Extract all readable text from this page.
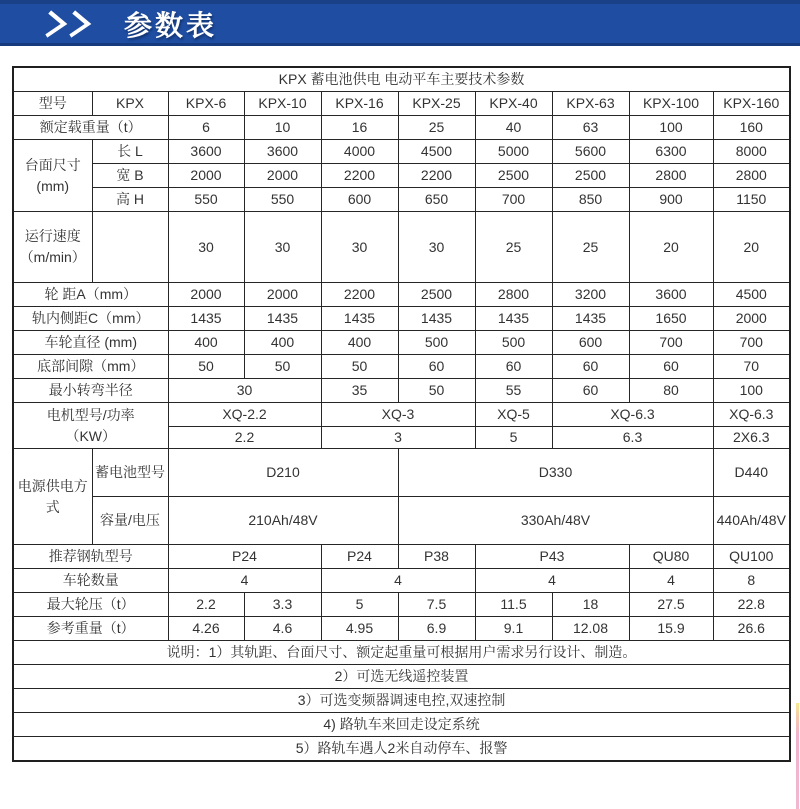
参数表
KPX 蓄电池供电 电动平车主要技术参数									
型号	KPX	KPX-6	KPX-10	KPX-16	KPX-25	KPX-40	KPX-63	KPX-100	KPX-160
额定载重量（t）		6	10	16	25	40	63	100	160

台面尺寸
(mm)	长 L	3600	3600	4000	4500	5000	5600	6300	8000
	宽 B	2000	2000	2200	2200	2500	2500	2800	2800
	高 H	550	550	600	650	700	850	900	1150
运行速度（m/min）		30	30	30	30	25	25	20	20
轮 距A（mm）		2000	2000	2200	2500	2800	3200	3600	4500
轨内侧距C（mm）		1435	1435	1435	1435	1435	1435	1650	2000
车轮直径 (mm)		400	400	400	500	500	600	700	700
底部间隙（mm）		50	50	50	60	60	60	60	70
最小转弯半径		30		35	50	55	60	80	100

电机型号/功率
（KW）		XQ-2.2		XQ-3		XQ-5	XQ-6.3		XQ-6.3
		2.2		3		5	6.3		2X6.3
电源供电方式	蓄电池型号	D210			D330				D440
	容量/电压	210Ah/48V			330Ah/48V				440Ah/48V
推荐钢轨型号		P24		P24	P38	P43		QU80	QU100
车轮数量		4		4		4		4	8
最大轮压（t）		2.2	3.3	5	7.5	11.5	18	27.5	22.8
参考重量（t）		4.26	4.6	4.95	6.9	9.1	12.08	15.9	26.6
说明：1）其轨距、台面尺寸、额定起重量可根据用户需求另行设计、制造。									
2）可选无线遥控装置									
3）可选变频器调速电控,双速控制									
4) 路轨车来回走设定系统									
5）路轨车遇人2米自动停车、报警									
